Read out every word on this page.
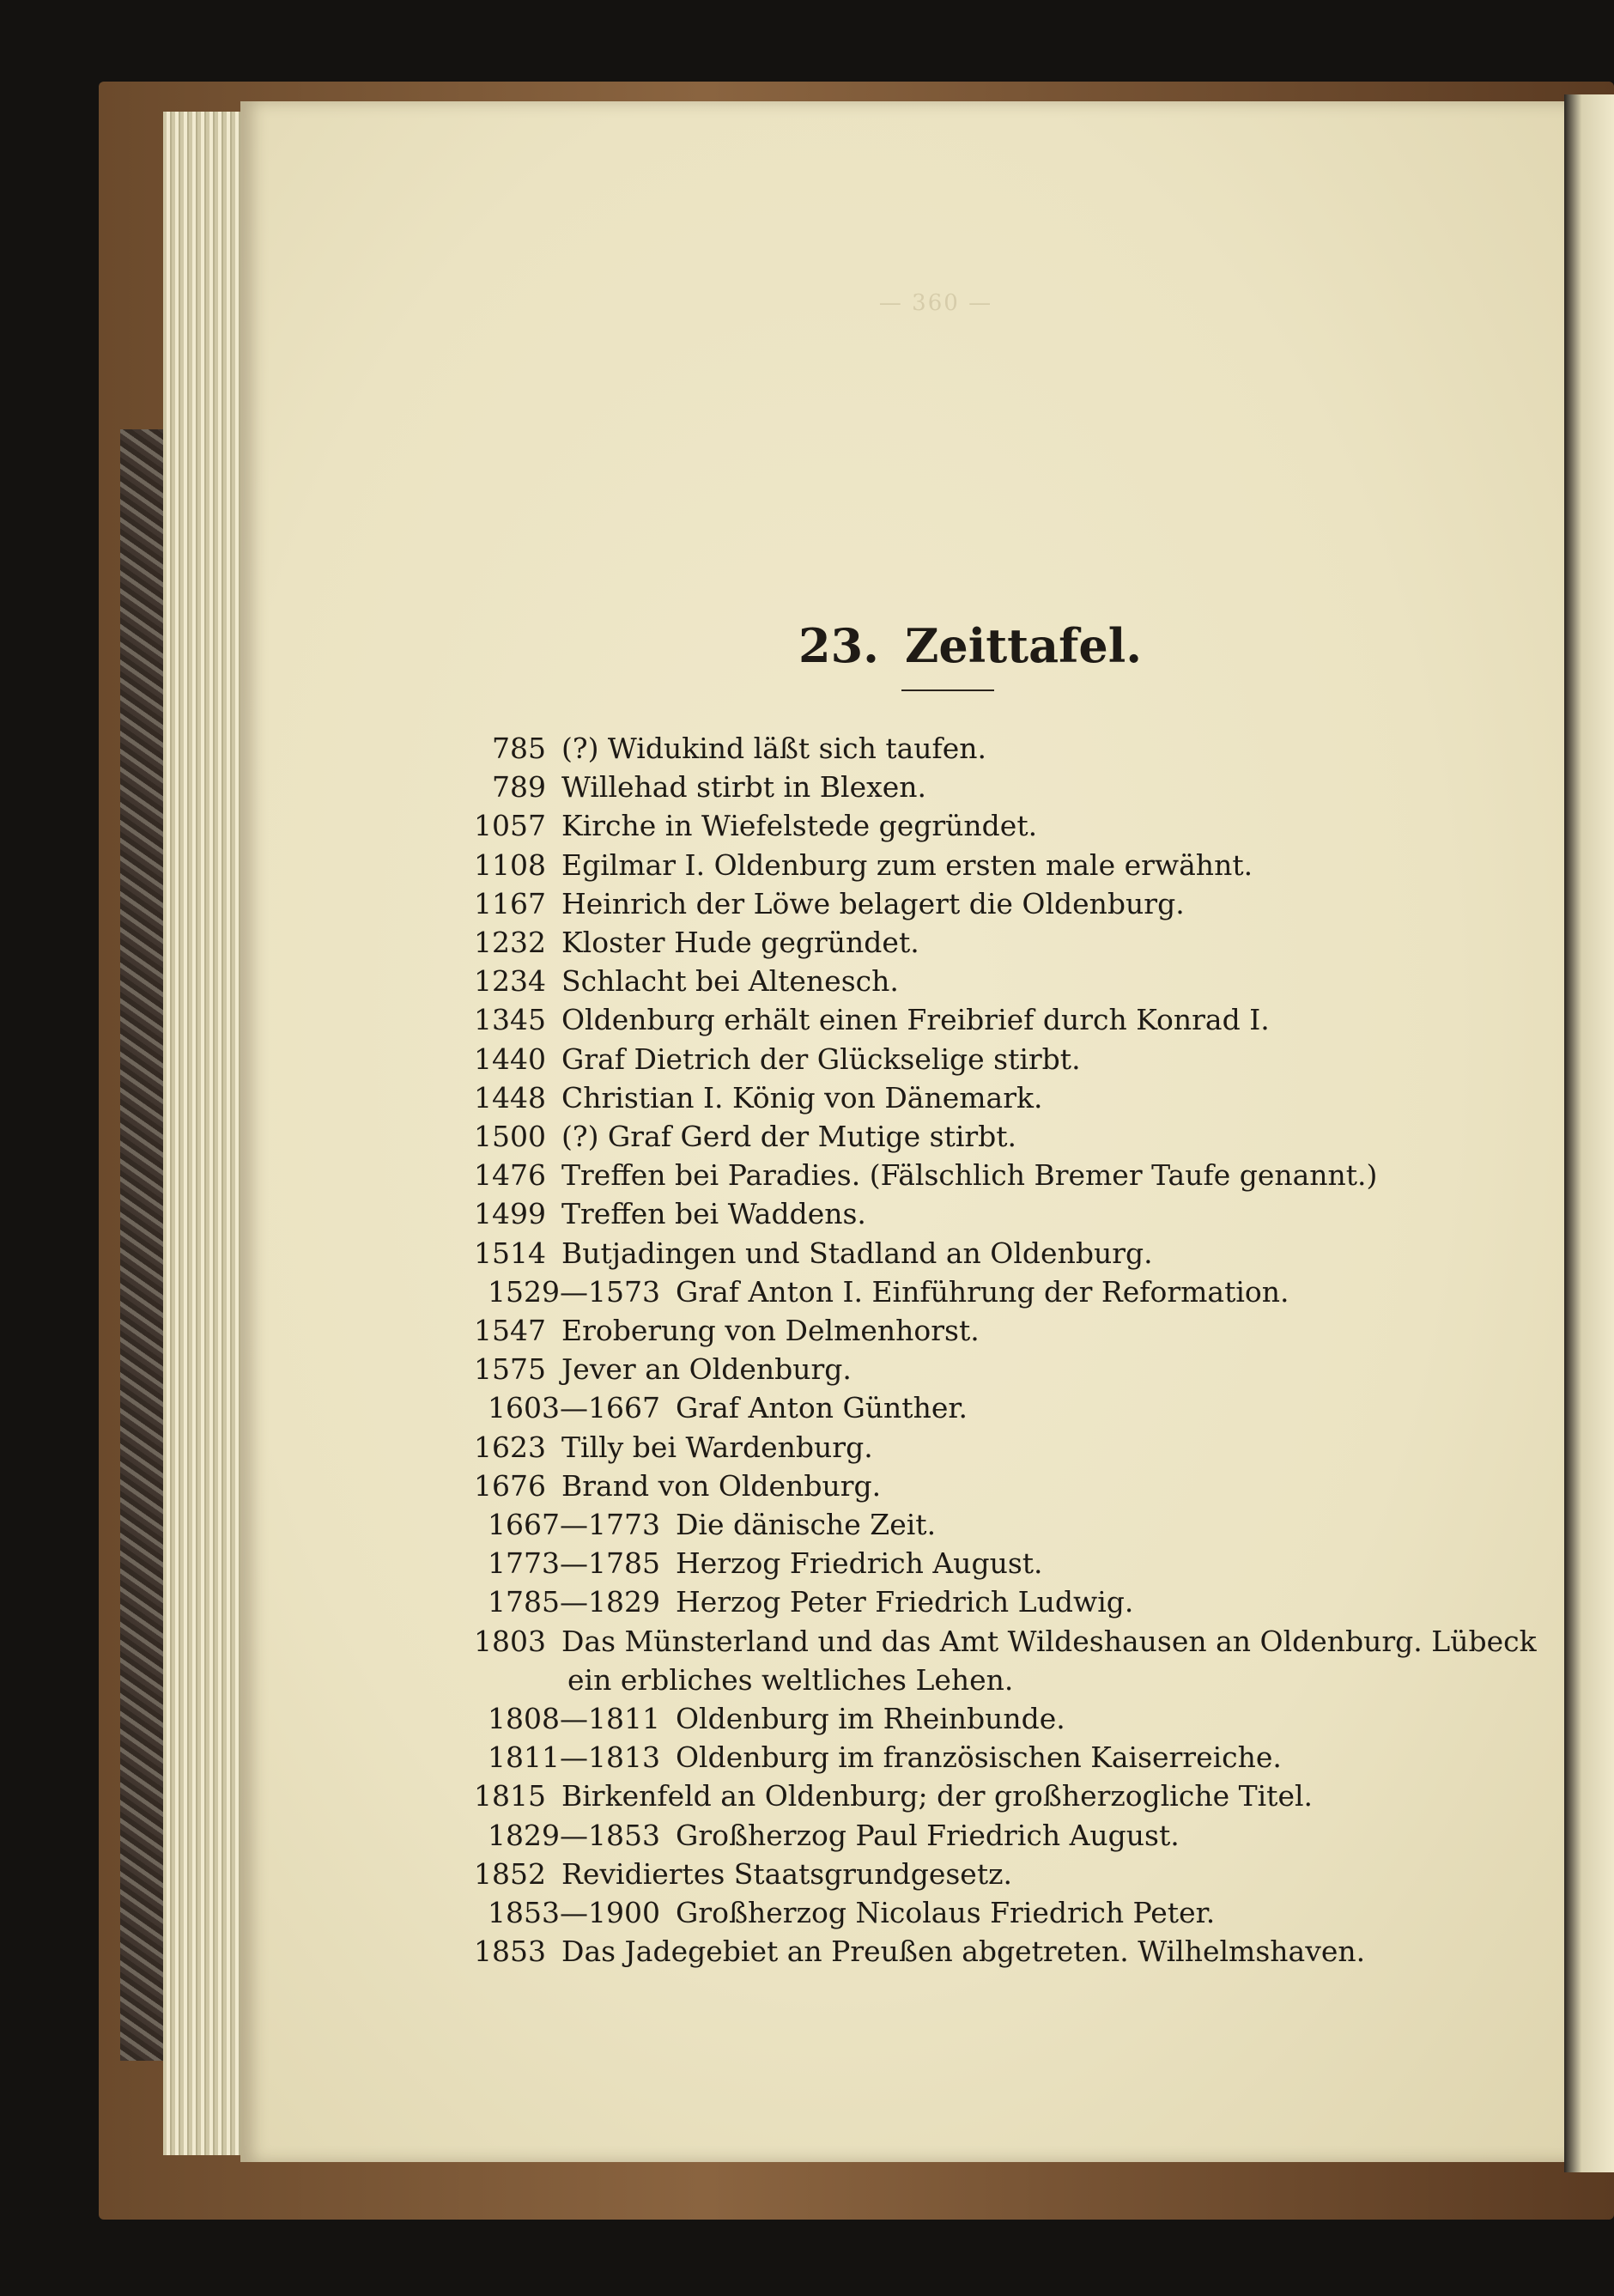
— 360 —
23. Zeittafel.
785 (?) Widukind läßt sich taufen.
789 Willehad stirbt in Blexen.
1057 Kirche in Wiefelstede gegründet.
1108 Egilmar I. Oldenburg zum ersten male erwähnt.
1167 Heinrich der Löwe belagert die Oldenburg.
1232 Kloster Hude gegründet.
1234 Schlacht bei Altenesch.
1345 Oldenburg erhält einen Freibrief durch Konrad I.
1440 Graf Dietrich der Glückselige stirbt.
1448 Christian I. König von Dänemark.
1500 (?) Graf Gerd der Mutige stirbt.
1476 Treffen bei Paradies. (Fälschlich Bremer Taufe genannt.)
1499 Treffen bei Waddens.
1514 Butjadingen und Stadland an Oldenburg.
1529—1573 Graf Anton I. Einführung der Reformation.
1547 Eroberung von Delmenhorst.
1575 Jever an Oldenburg.
1603—1667 Graf Anton Günther.
1623 Tilly bei Wardenburg.
1676 Brand von Oldenburg.
1667—1773 Die dänische Zeit.
1773—1785 Herzog Friedrich August.
1785—1829 Herzog Peter Friedrich Ludwig.
1803 Das Münsterland und das Amt Wildeshausen an Oldenburg. Lübeck
ein erbliches weltliches Lehen.
1808—1811 Oldenburg im Rheinbunde.
1811—1813 Oldenburg im französischen Kaiserreiche.
1815 Birkenfeld an Oldenburg; der großherzogliche Titel.
1829—1853 Großherzog Paul Friedrich August.
1852 Revidiertes Staatsgrundgesetz.
1853—1900 Großherzog Nicolaus Friedrich Peter.
1853 Das Jadegebiet an Preußen abgetreten. Wilhelmshaven.
